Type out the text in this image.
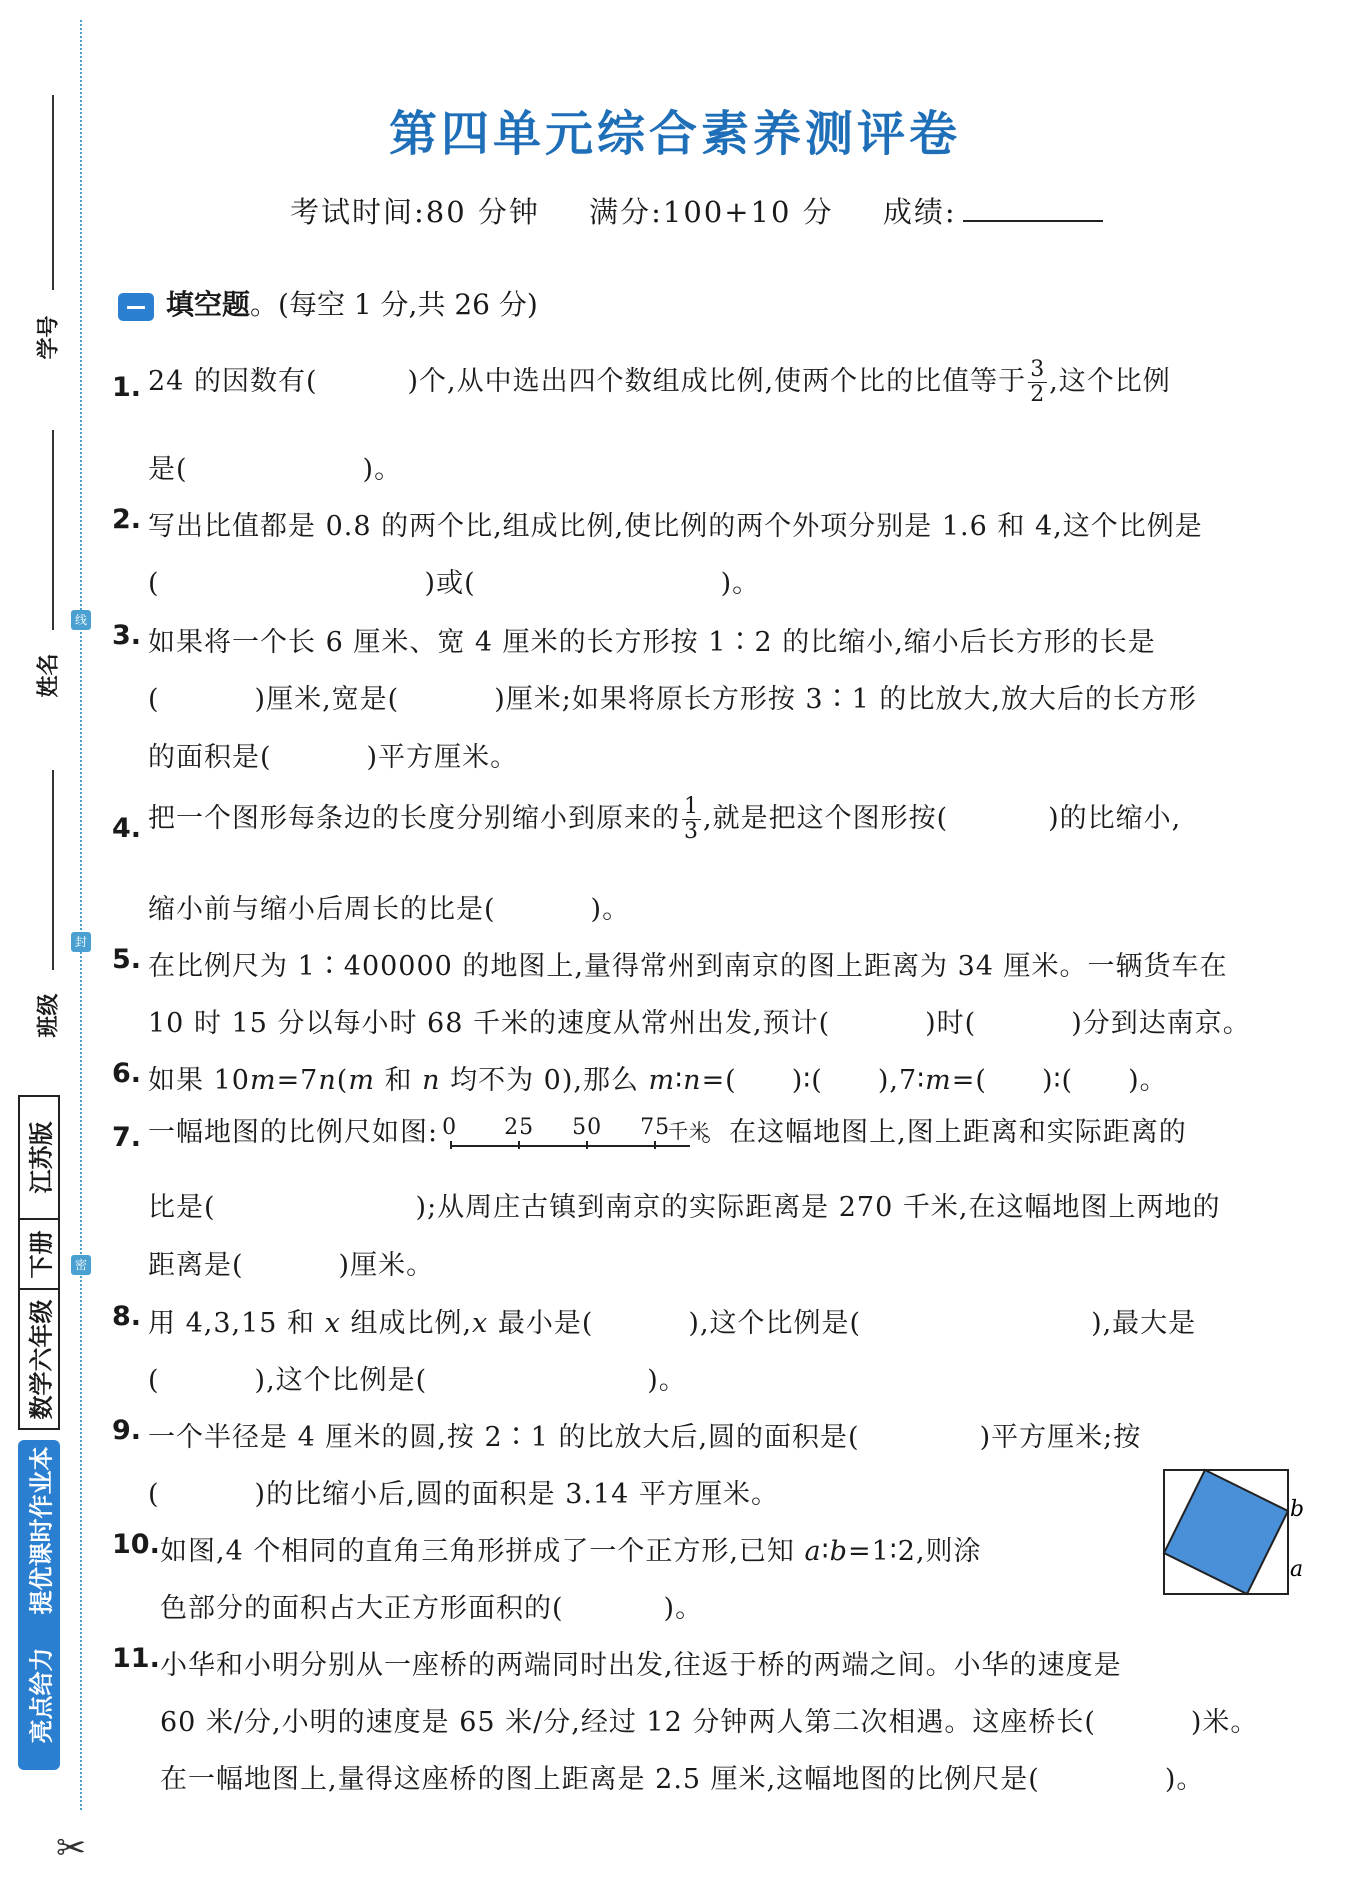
线
封
密
学号
姓名
班级
江苏版
下册
数学六年级
提优课时作业本
亮点给力
✂
第四单元综合素养测评卷
考试时间:80 分钟 满分:100+10 分 成绩:
填空题。(每空 1 分,共 26 分)
1. 24 的因数有(	)个,从中选出四个数组成比例,使两个比的比值等于 $\frac{3}{2}$ ,这个比例
是(	)。
2. 写出比值都是 0.8 的两个比,组成比例,使比例的两个外项分别是 1.6 和 4,这个比例是
(	)或(	)。
3. 如果将一个长 6 厘米、宽 4 厘米的长方形按 1∶2 的比缩小,缩小后长方形的长是
(	)厘米,宽是(	)厘米;如果将原长方形按 3∶1 的比放大,放大后的长方形
的面积是(	)平方厘米。
4. 把一个图形每条边的长度分别缩小到原来的 $\frac{1}{3}$ ,就是把这个图形按(	)的比缩小,
缩小前与缩小后周长的比是(	)。
5. 在比例尺为 1∶400000 的地图上,量得常州到南京的图上距离为 34 厘米。一辆货车在
10 时 15 分以每小时 68 千米的速度从常州出发,预计(	)时(	)分到达南京。
6. 如果 10m=7n(m 和 n 均不为 0),那么 m∶n=( )∶( ),7∶m=( )∶( )。
7. 一幅地图的比例尺如图: 0 25 50 75
千米
。在这幅地图上,图上距离和实际距离的
比是(	);从周庄古镇到南京的实际距离是 270 千米,在这幅地图上两地的
距离是(	)厘米。
8. 用 4,3,15 和 x 组成比例,x 最小是(	),这个比例是(	),最大是
(	),这个比例是(	)。
9. 一个半径是 4 厘米的圆,按 2∶1 的比放大后,圆的面积是(	)平方厘米;按
(	)的比缩小后,圆的面积是 3.14 平方厘米。
10. 如图,4 个相同的直角三角形拼成了一个正方形,已知 a∶b=1∶2,则涂
色部分的面积占大正方形面积的(	)。
b
a
11. 小华和小明分别从一座桥的两端同时出发,往返于桥的两端之间。小华的速度是
60 米/分,小明的速度是 65 米/分,经过 12 分钟两人第二次相遇。这座桥长(	)米。
在一幅地图上,量得这座桥的图上距离是 2.5 厘米,这幅地图的比例尺是(	)。
